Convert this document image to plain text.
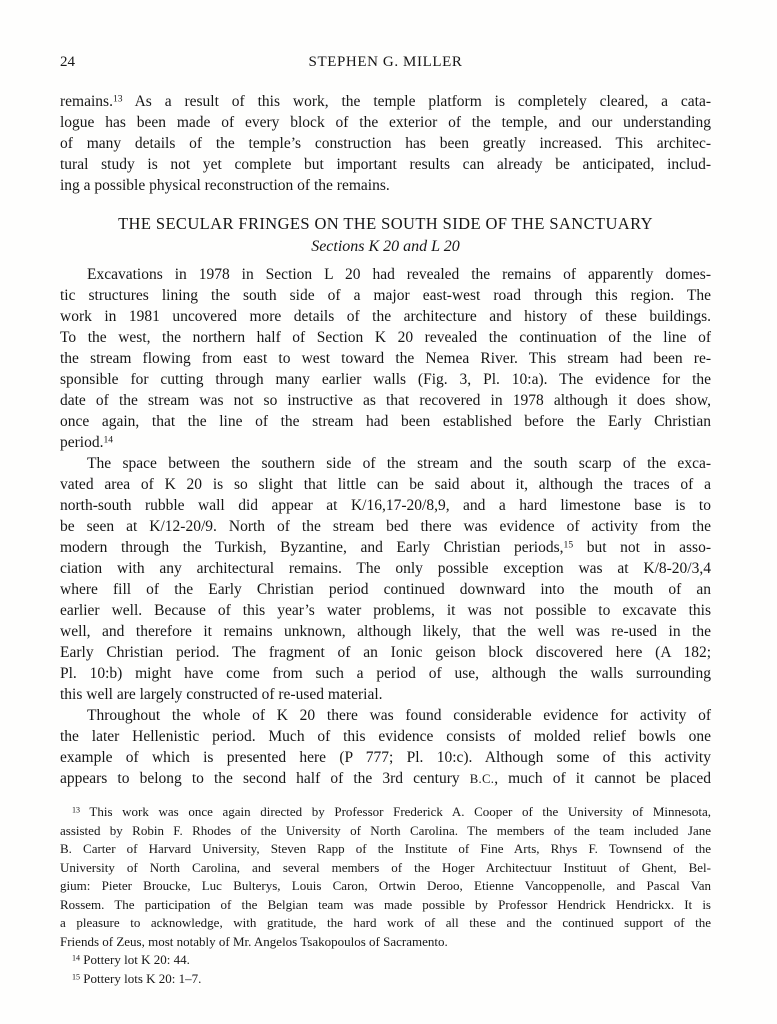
24	STEPHEN G. MILLER
remains.$^{13}$ As a result of this work, the temple platform is completely cleared, a cata-
logue has been made of every block of the exterior of the temple, and our understanding
of many details of the temple’s construction has been greatly increased. This architec-
tural study is not yet complete but important results can already be anticipated, includ-
ing a possible physical reconstruction of the remains.
THE SECULAR FRINGES ON THE SOUTH SIDE OF THE SANCTUARY
Sections K 20 and L 20
Excavations in 1978 in Section L 20 had revealed the remains of apparently domes-
tic structures lining the south side of a major east-west road through this region. The
work in 1981 uncovered more details of the architecture and history of these buildings.
To the west, the northern half of Section K 20 revealed the continuation of the line of
the stream flowing from east to west toward the Nemea River. This stream had been re-
sponsible for cutting through many earlier walls (Fig. 3, Pl. 10:a). The evidence for the
date of the stream was not so instructive as that recovered in 1978 although it does show,
once again, that the line of the stream had been established before the Early Christian
period.$^{14}$
The space between the southern side of the stream and the south scarp of the exca-
vated area of K 20 is so slight that little can be said about it, although the traces of a
north-south rubble wall did appear at K/16,17-20/8,9, and a hard limestone base is to
be seen at K/12-20/9. North of the stream bed there was evidence of activity from the
modern through the Turkish, Byzantine, and Early Christian periods,$^{15}$ but not in asso-
ciation with any architectural remains. The only possible exception was at K/8-20/3,4
where fill of the Early Christian period continued downward into the mouth of an
earlier well. Because of this year’s water problems, it was not possible to excavate this
well, and therefore it remains unknown, although likely, that the well was re-used in the
Early Christian period. The fragment of an Ionic geison block discovered here (A 182;
Pl. 10:b) might have come from such a period of use, although the walls surrounding
this well are largely constructed of re-used material.
Throughout the whole of K 20 there was found considerable evidence for activity of
the later Hellenistic period. Much of this evidence consists of molded relief bowls one
example of which is presented here (P 777; Pl. 10:c). Although some of this activity
appears to belong to the second half of the 3rd century B.C., much of it cannot be placed
$^{13}$ This work was once again directed by Professor Frederick A. Cooper of the University of Minnesota,
assisted by Robin F. Rhodes of the University of North Carolina. The members of the team included Jane
B. Carter of Harvard University, Steven Rapp of the Institute of Fine Arts, Rhys F. Townsend of the
University of North Carolina, and several members of the Hoger Architectuur Instituut of Ghent, Bel-
gium: Pieter Broucke, Luc Bulterys, Louis Caron, Ortwin Deroo, Etienne Vancoppenolle, and Pascal Van
Rossem. The participation of the Belgian team was made possible by Professor Hendrick Hendrickx. It is
a pleasure to acknowledge, with gratitude, the hard work of all these and the continued support of the
Friends of Zeus, most notably of Mr. Angelos Tsakopoulos of Sacramento.
$^{14}$ Pottery lot K 20: 44.
$^{15}$ Pottery lots K 20: 1–7.
